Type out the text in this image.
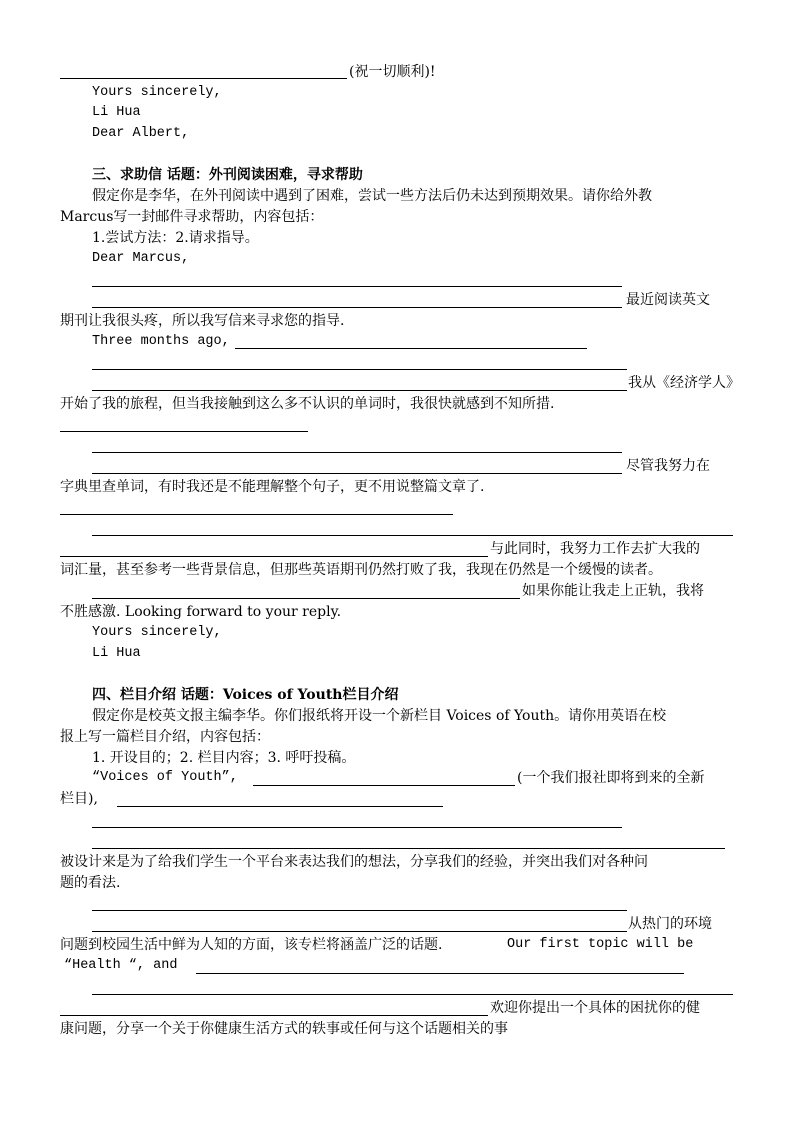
(祝一切顺利)!
Yours sincerely,
Li Hua
Dear Albert,
三、求助信 话题：外刊阅读困难，寻求帮助
假定你是李华，在外刊阅读中遇到了困难，尝试一些方法后仍未达到预期效果。请你给外教
Marcus写一封邮件寻求帮助，内容包括：
1.尝试方法：2.请求指导。
Dear Marcus,
最近阅读英文
期刊让我很头疼，所以我写信来寻求您的指导.
Three months ago,
我从《经济学人》
开始了我的旅程，但当我接触到这么多不认识的单词时，我很快就感到不知所措.
尽管我努力在
字典里查单词，有时我还是不能理解整个句子，更不用说整篇文章了.
与此同时，我努力工作去扩大我的
词汇量，甚至参考一些背景信息，但那些英语期刊仍然打败了我，我现在仍然是一个缓慢的读者。
如果你能让我走上正轨，我将
不胜感激. Looking forward to your reply.
Yours sincerely,
Li Hua
四、栏目介绍 话题：Voices of Youth栏目介绍
假定你是校英文报主编李华。你们报纸将开设一个新栏目 Voices of Youth。请你用英语在校
报上写一篇栏目介绍，内容包括：
1. 开设目的；2. 栏目内容；3. 呼吁投稿。
“Voices of Youth”,	(一个我们报社即将到来的全新
栏目),
被设计来是为了给我们学生一个平台来表达我们的想法，分享我们的经验，并突出我们对各种问
题的看法.
从热门的环境
问题到校园生活中鲜为人知的方面，该专栏将涵盖广泛的话题.	Our first topic will be
“Health “, and
欢迎你提出一个具体的困扰你的健
康问题，分享一个关于你健康生活方式的轶事或任何与这个话题相关的事
